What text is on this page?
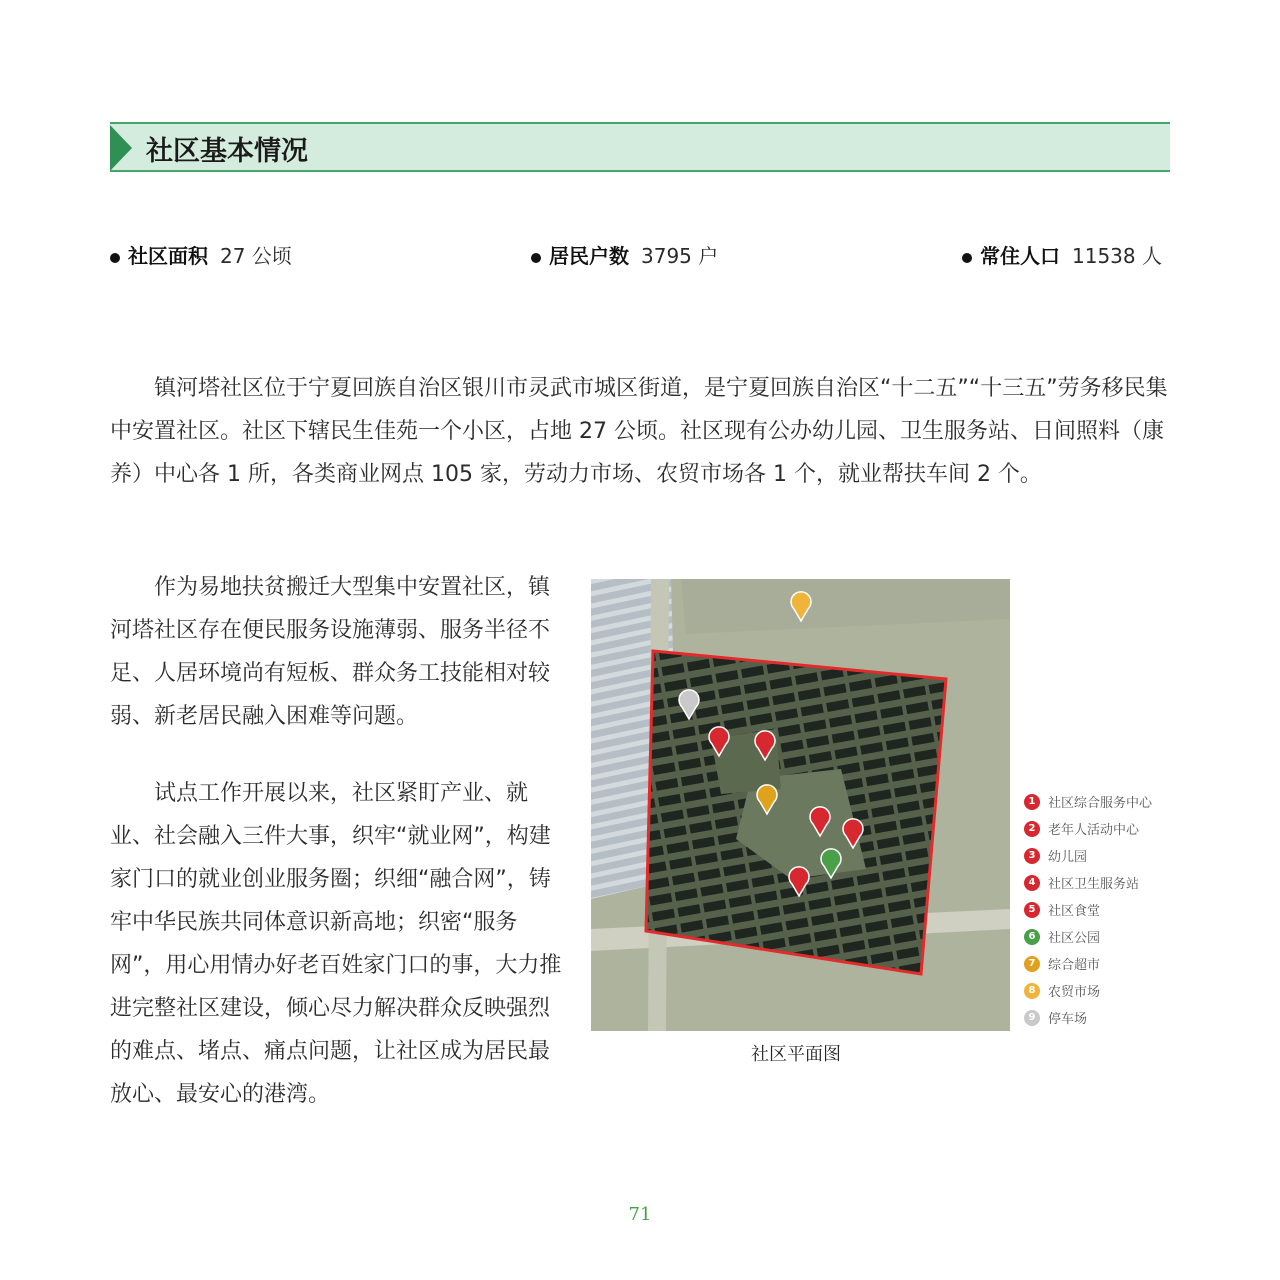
社区基本情况
社区面积 27 公顷	居民户数 3795 户	常住人口 11538 人

镇河塔社区位于宁夏回族自治区银川市灵武市城区街道，是宁夏回族自治区“十二五”“十三五”劳务移民集中安置社区。社区下辖民生佳苑一个小区，占地 27 公顷。社区现有公办幼儿园、卫生服务站、日间照料（康养）中心各 1 所，各类商业网点 105 家，劳动力市场、农贸市场各 1 个，就业帮扶车间 2 个。

作为易地扶贫搬迁大型集中安置社区，镇河塔社区存在便民服务设施薄弱、服务半径不足、人居环境尚有短板、群众务工技能相对较弱、新老居民融入困难等问题。

试点工作开展以来，社区紧盯产业、就业、社会融入三件大事，织牢“就业网”，构建家门口的就业创业服务圈；织细“融合网”，铸牢中华民族共同体意识新高地；织密“服务网”，用心用情办好老百姓家门口的事，大力推进完整社区建设，倾心尽力解决群众反映强烈的难点、堵点、痛点问题，让社区成为居民最放心、最安心的港湾。

社区平面图
1 社区综合服务中心
2 老年人活动中心
3 幼儿园
4 社区卫生服务站
5 社区食堂
6 社区公园
7 综合超市
8 农贸市场
9 停车场
71
